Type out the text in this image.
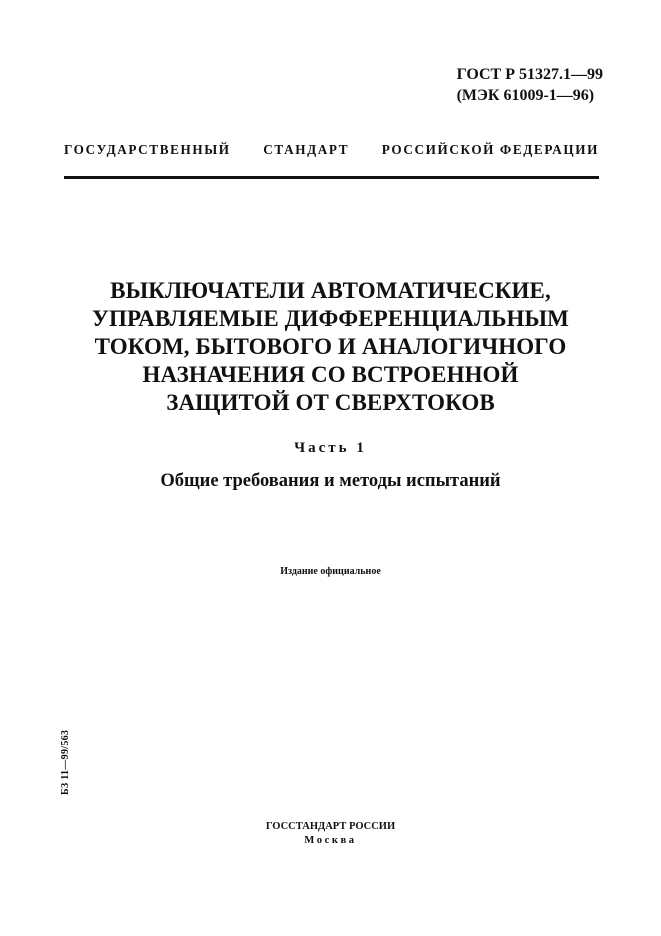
ГОСТ Р 51327.1—99
(МЭК 61009-1—96)
ГОСУДАРСТВЕННЫЙ СТАНДАРТ РОССИЙСКОЙ ФЕДЕРАЦИИ
ВЫКЛЮЧАТЕЛИ АВТОМАТИЧЕСКИЕ,
УПРАВЛЯЕМЫЕ ДИФФЕРЕНЦИАЛЬНЫМ
ТОКОМ, БЫТОВОГО И АНАЛОГИЧНОГО
НАЗНАЧЕНИЯ СО ВСТРОЕННОЙ
ЗАЩИТОЙ ОТ СВЕРХТОКОВ
Часть 1
Общие требования и методы испытаний
Издание официальное
БЗ 11—99/563
ГОССТАНДАРТ РОССИИ
Москва
